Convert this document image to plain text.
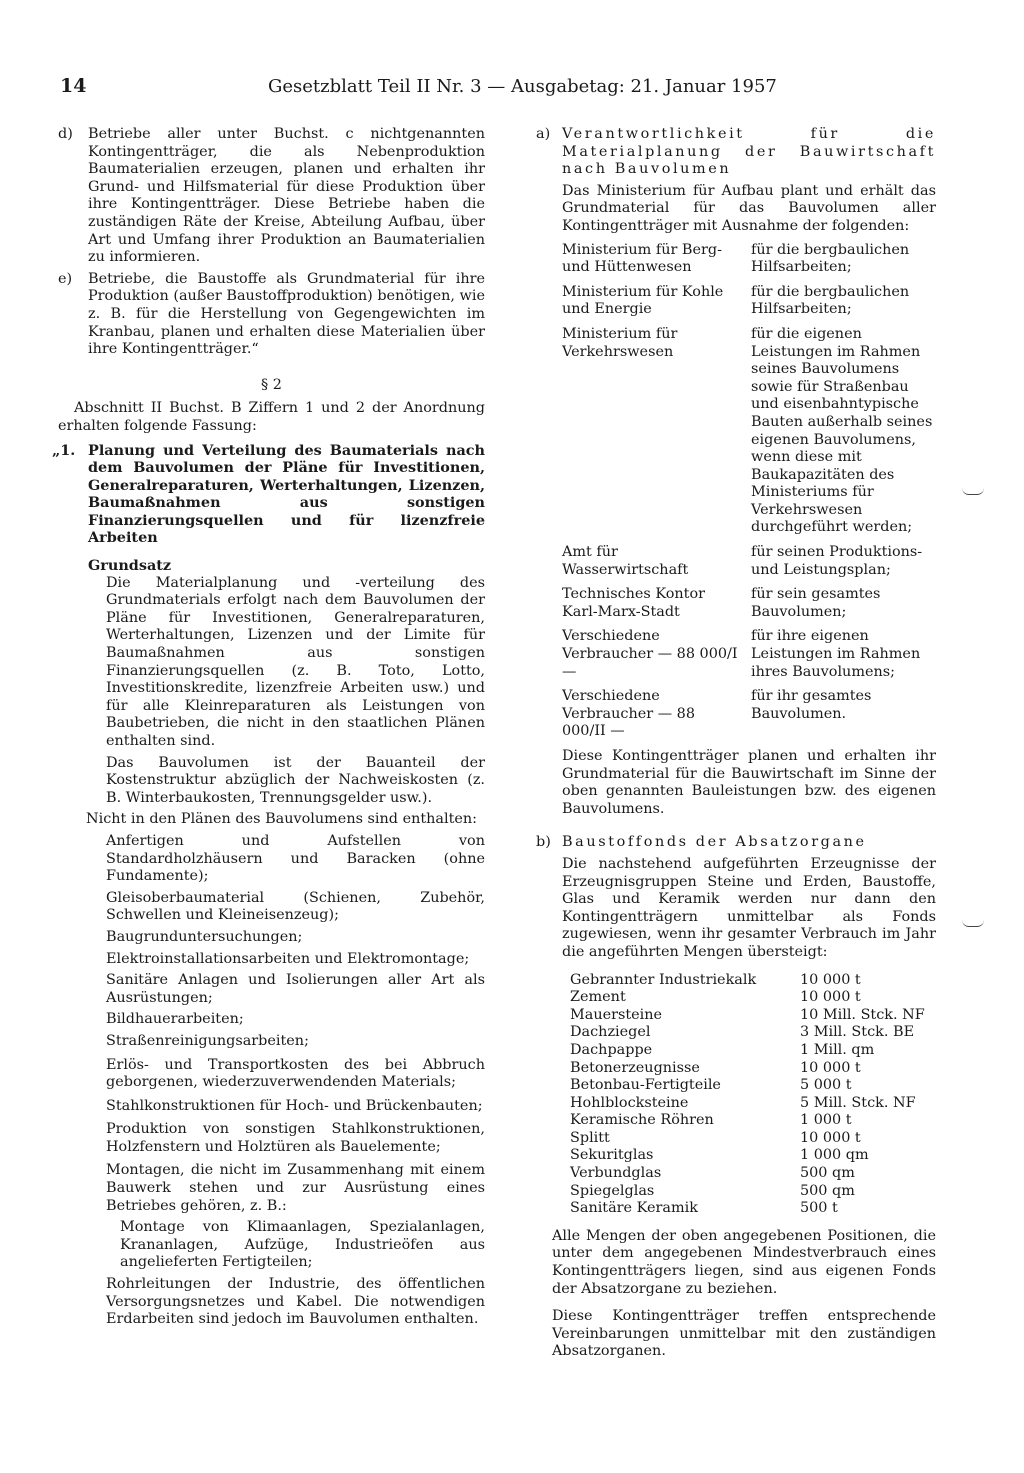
14	Gesetzblatt Teil II Nr. 3 — Ausgabetag: 21. Januar 1957

d) Betriebe aller unter Buchst. c nichtgenannten Kontingentträger, die als Nebenproduktion Baumaterialien erzeugen, planen und erhalten ihr Grund- und Hilfsmaterial für diese Produktion über ihre Kontingentträger. Diese Betriebe haben die zuständigen Räte der Kreise, Abteilung Aufbau, über Art und Umfang ihrer Produktion an Baumaterialien zu informieren.

e) Betriebe, die Baustoffe als Grundmaterial für ihre Produktion (außer Baustoffproduktion) benötigen, wie z. B. für die Herstellung von Gegengewichten im Kranbau, planen und erhalten diese Materialien über ihre Kontingentträger.“

§ 2

Abschnitt II Buchst. B Ziffern 1 und 2 der Anordnung erhalten folgende Fassung:

„1. Planung und Verteilung des Baumaterials nach dem Bauvolumen der Pläne für Investitionen, Generalreparaturen, Werterhaltungen, Lizenzen, Baumaßnahmen aus sonstigen Finanzierungsquellen und für lizenzfreie Arbeiten

Grundsatz

Die Materialplanung und -verteilung des Grundmaterials erfolgt nach dem Bauvolumen der Pläne für Investitionen, Generalreparaturen, Werterhaltungen, Lizenzen und der Limite für Baumaßnahmen aus sonstigen Finanzierungsquellen (z. B. Toto, Lotto, Investitionskredite, lizenzfreie Arbeiten usw.) und für alle Kleinreparaturen als Leistungen von Baubetrieben, die nicht in den staatlichen Plänen enthalten sind.

Das Bauvolumen ist der Bauanteil der Kostenstruktur abzüglich der Nachweiskosten (z. B. Winterbaukosten, Trennungsgelder usw.).

Nicht in den Plänen des Bauvolumens sind enthalten:

Anfertigen und Aufstellen von Standardholzhäusern und Baracken (ohne Fundamente);

Gleisoberbaumaterial (Schienen, Zubehör, Schwellen und Kleineisenzeug);

Baugrunduntersuchungen;

Elektroinstallationsarbeiten und Elektromontage;

Sanitäre Anlagen und Isolierungen aller Art als Ausrüstungen;

Bildhauerarbeiten;

Straßenreinigungsarbeiten;

Erlös- und Transportkosten des bei Abbruch geborgenen, wiederzuverwendenden Materials;

Stahlkonstruktionen für Hoch- und Brückenbauten;

Produktion von sonstigen Stahlkonstruktionen, Holzfenstern und Holztüren als Bauelemente;

Montagen, die nicht im Zusammenhang mit einem Bauwerk stehen und zur Ausrüstung eines Betriebes gehören, z. B.:

Montage von Klimaanlagen, Spezialanlagen, Krananlagen, Aufzüge, Industrieöfen aus angelieferten Fertigteilen;

Rohrleitungen der Industrie, des öffentlichen Versorgungsnetzes und Kabel. Die notwendigen Erdarbeiten sind jedoch im Bauvolumen enthalten.

a) Verantwortlichkeit für die Materialplanung der Bauwirtschaft nach Bauvolumen

Das Ministerium für Aufbau plant und erhält das Grundmaterial für das Bauvolumen aller Kontingentträger mit Ausnahme der folgenden:

Ministerium für Berg- und Hüttenwesen	für die bergbaulichen Hilfsarbeiten;
Ministerium für Kohle und Energie	für die bergbaulichen Hilfsarbeiten;
Ministerium für Verkehrswesen	für die eigenen Leistungen im Rahmen seines Bauvolumens sowie für Straßenbau und eisenbahntypische Bauten außerhalb seines eigenen Bauvolumens, wenn diese mit Baukapazitäten des Ministeriums für Verkehrswesen durchgeführt werden;
Amt für Wasserwirtschaft	für seinen Produktions- und Leistungsplan;
Technisches Kontor Karl-Marx-Stadt	für sein gesamtes Bauvolumen;
Verschiedene Verbraucher — 88 000/I —	für ihre eigenen Leistungen im Rahmen ihres Bauvolumens;
Verschiedene Verbraucher — 88 000/II —	für ihr gesamtes Bauvolumen.

Diese Kontingentträger planen und erhalten ihr Grundmaterial für die Bauwirtschaft im Sinne der oben genannten Bauleistungen bzw. des eigenen Bauvolumens.

b) Baustoffonds der Absatzorgane

Die nachstehend aufgeführten Erzeugnisse der Erzeugnisgruppen Steine und Erden, Baustoffe, Glas und Keramik werden nur dann den Kontingentträgern unmittelbar als Fonds zugewiesen, wenn ihr gesamter Verbrauch im Jahr die angeführten Mengen übersteigt:

Gebrannter Industriekalk	10 000 t
Zement	10 000 t
Mauersteine	10 Mill. Stck. NF
Dachziegel	3 Mill. Stck. BE
Dachpappe	1 Mill. qm
Betonerzeugnisse	10 000 t
Betonbau-Fertigteile	5 000 t
Hohlblocksteine	5 Mill. Stck. NF
Keramische Röhren	1 000 t
Splitt	10 000 t
Sekuritglas	1 000 qm
Verbundglas	500 qm
Spiegelglas	500 qm
Sanitäre Keramik	500 t

Alle Mengen der oben angegebenen Positionen, die unter dem angegebenen Mindestverbrauch eines Kontingentträgers liegen, sind aus eigenen Fonds der Absatzorgane zu beziehen.

Diese Kontingentträger treffen entsprechende Vereinbarungen unmittelbar mit den zuständigen Absatzorganen.
